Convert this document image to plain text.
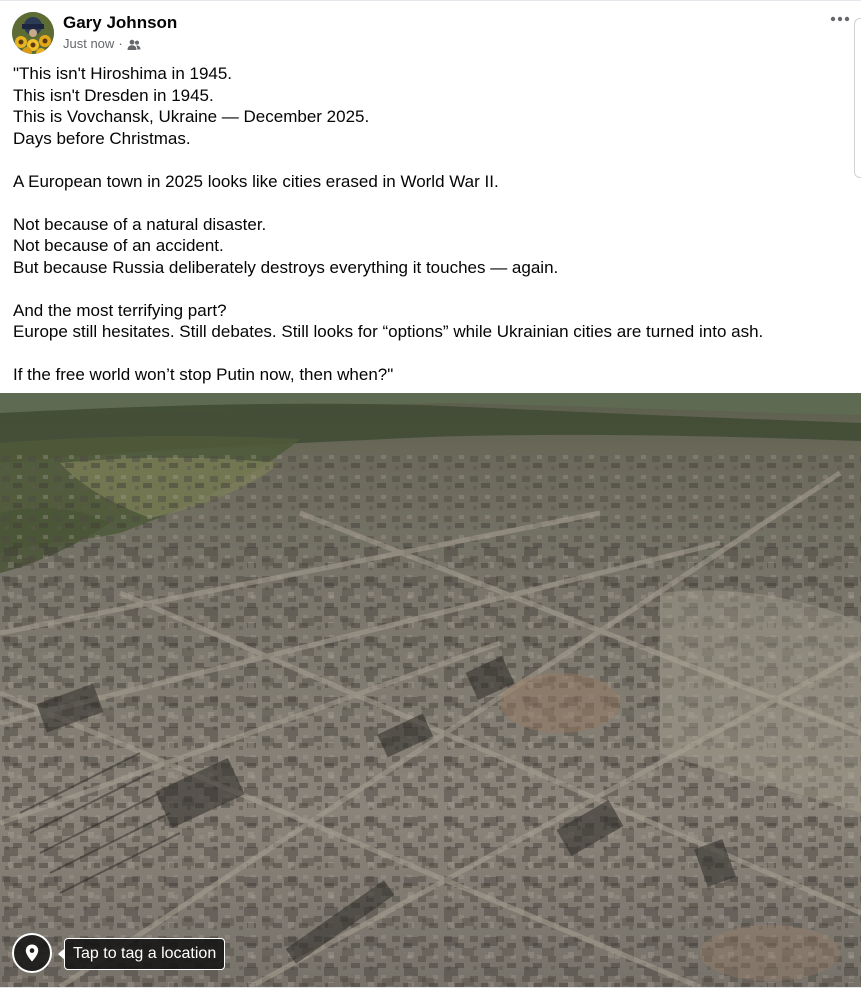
Gary Johnson
Just now ·
"This isn't Hiroshima in 1945.
This isn't Dresden in 1945.
This is Vovchansk, Ukraine — December 2025.
Days before Christmas.
A European town in 2025 looks like cities erased in World War II.
Not because of a natural disaster.
Not because of an accident.
But because Russia deliberately destroys everything it touches — again.
And the most terrifying part?
Europe still hesitates. Still debates. Still looks for “options” while Ukrainian cities are turned into ash.
If the free world won’t stop Putin now, then when?"
Tap to tag a location
